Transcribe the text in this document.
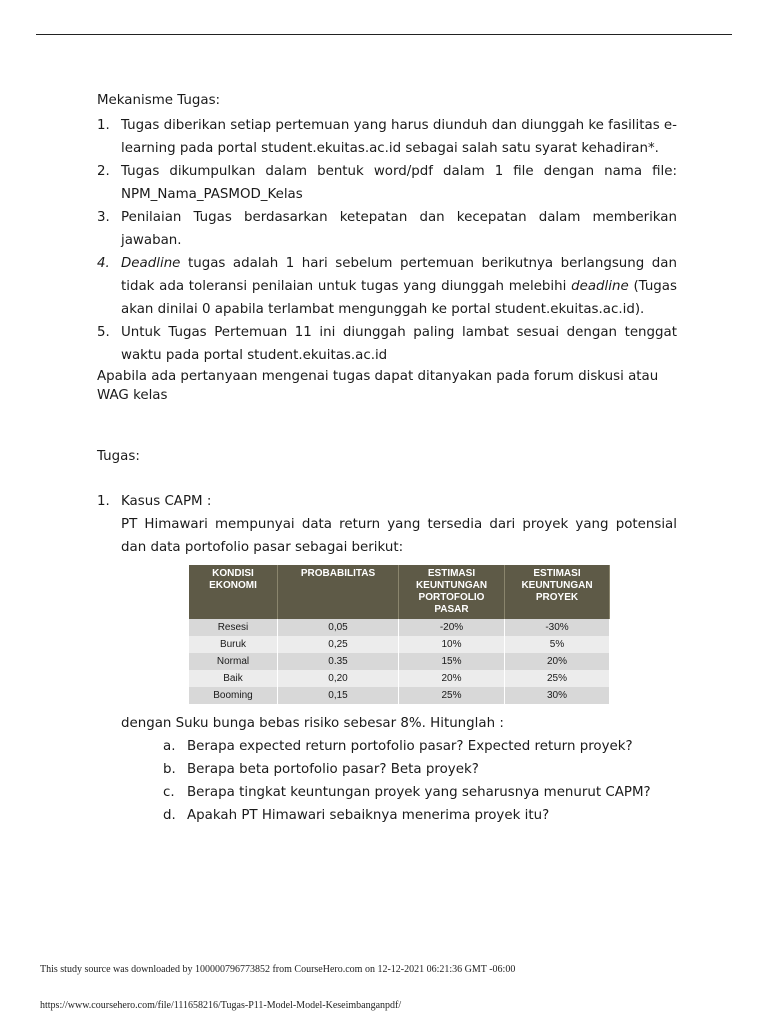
Mekanisme Tugas:

1. Tugas diberikan setiap pertemuan yang harus diunduh dan diunggah ke fasilitas e-learning pada portal student.ekuitas.ac.id sebagai salah satu syarat kehadiran*.
2. Tugas dikumpulkan dalam bentuk word/pdf dalam 1 file dengan nama file: NPM_Nama_PASMOD_Kelas
3. Penilaian Tugas berdasarkan ketepatan dan kecepatan dalam memberikan jawaban.
4. Deadline tugas adalah 1 hari sebelum pertemuan berikutnya berlangsung dan tidak ada toleransi penilaian untuk tugas yang diunggah melebihi deadline (Tugas akan dinilai 0 apabila terlambat mengunggah ke portal student.ekuitas.ac.id).
5. Untuk Tugas Pertemuan 11 ini diunggah paling lambat sesuai dengan tenggat waktu pada portal student.ekuitas.ac.id

Apabila ada pertanyaan mengenai tugas dapat ditanyakan pada forum diskusi atau WAG kelas

Tugas:

1. Kasus CAPM :
PT Himawari mempunyai data return yang tersedia dari proyek yang potensial dan data portofolio pasar sebagai berikut:
KONDISI EKONOMI	PROBABILITAS	ESTIMASI KEUNTUNGAN PORTOFOLIO PASAR	ESTIMASI KEUNTUNGAN PROYEK
Resesi	0,05	-20%	-30%
Buruk	0,25	10%	5%
Normal	0.35	15%	20%
Baik	0,20	20%	25%
Booming	0,15	25%	30%
dengan Suku bunga bebas risiko sebesar 8%. Hitunglah :
a. Berapa expected return portofolio pasar? Expected return proyek?
b. Berapa beta portofolio pasar? Beta proyek?
c. Berapa tingkat keuntungan proyek yang seharusnya menurut CAPM?
d. Apakah PT Himawari sebaiknya menerima proyek itu?
This study source was downloaded by 100000796773852 from CourseHero.com on 12-12-2021 06:21:36 GMT -06:00
https://www.coursehero.com/file/111658216/Tugas-P11-Model-Model-Keseimbanganpdf/
